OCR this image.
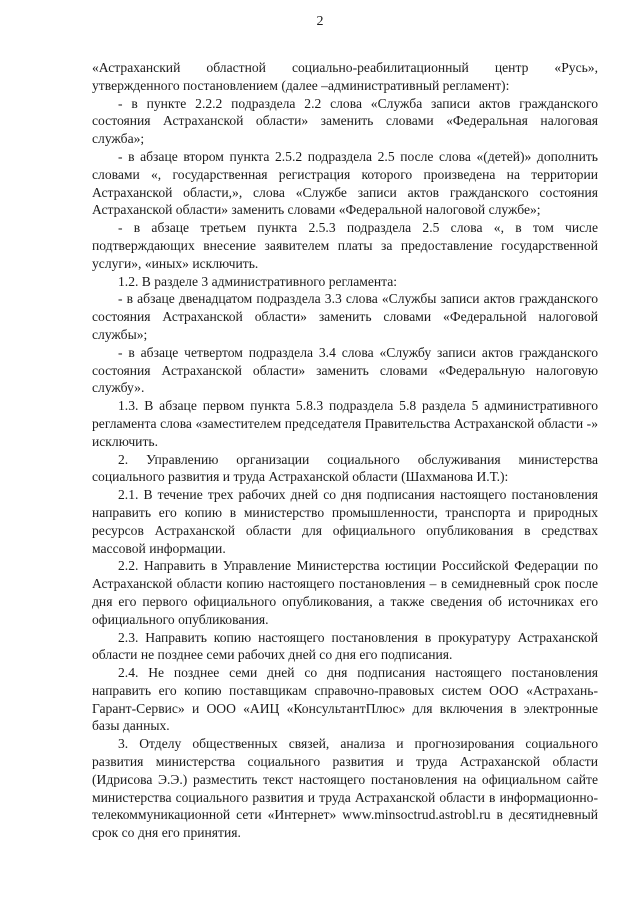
2

«Астраханский областной социально-реабилитационный центр «Русь», утвержденного постановлением (далее –административный регламент):

- в пункте 2.2.2 подраздела 2.2 слова «Служба записи актов гражданского состояния Астраханской области» заменить словами «Федеральная налоговая служба»;

- в абзаце втором пункта 2.5.2 подраздела 2.5 после слова «(детей)» дополнить словами «, государственная регистрация которого произведена на территории Астраханской области,», слова «Службе записи актов гражданского состояния Астраханской области» заменить словами «Федеральной налоговой службе»;

- в абзаце третьем пункта 2.5.3 подраздела 2.5 слова «, в том числе подтверждающих внесение заявителем платы за предоставление государственной услуги», «иных» исключить.

1.2. В разделе 3 административного регламента:

- в абзаце двенадцатом подраздела 3.3 слова «Службы записи актов гражданского состояния Астраханской области» заменить словами «Федеральной налоговой службы»;

- в абзаце четвертом подраздела 3.4 слова «Службу записи актов гражданского состояния Астраханской области» заменить словами «Федеральную налоговую службу».

1.3. В абзаце первом пункта 5.8.3 подраздела 5.8 раздела 5 административного регламента слова «заместителем председателя Правительства Астраханской области -» исключить.

2. Управлению организации социального обслуживания министерства социального развития и труда Астраханской области (Шахманова И.Т.):

2.1. В течение трех рабочих дней со дня подписания настоящего постановления направить его копию в министерство промышленности, транспорта и природных ресурсов Астраханской области для официального опубликования в средствах массовой информации.

2.2. Направить в Управление Министерства юстиции Российской Федерации по Астраханской области копию настоящего постановления – в семидневный срок после дня его первого официального опубликования, а также сведения об источниках его официального опубликования.

2.3. Направить копию настоящего постановления в прокуратуру Астраханской области не позднее семи рабочих дней со дня его подписания.

2.4. Не позднее семи дней со дня подписания настоящего постановления направить его копию поставщикам справочно-правовых систем ООО «Астрахань-Гарант-Сервис» и ООО «АИЦ «КонсультантПлюс» для включения в электронные базы данных.

3. Отделу общественных связей, анализа и прогнозирования социального развития министерства социального развития и труда Астраханской области (Идрисова Э.Э.) разместить текст настоящего постановления на официальном сайте министерства социального развития и труда Астраханской области в информационно-телекоммуникационной сети «Интернет» www.minsoctrud.astrobl.ru в десятидневный срок со дня его принятия.
